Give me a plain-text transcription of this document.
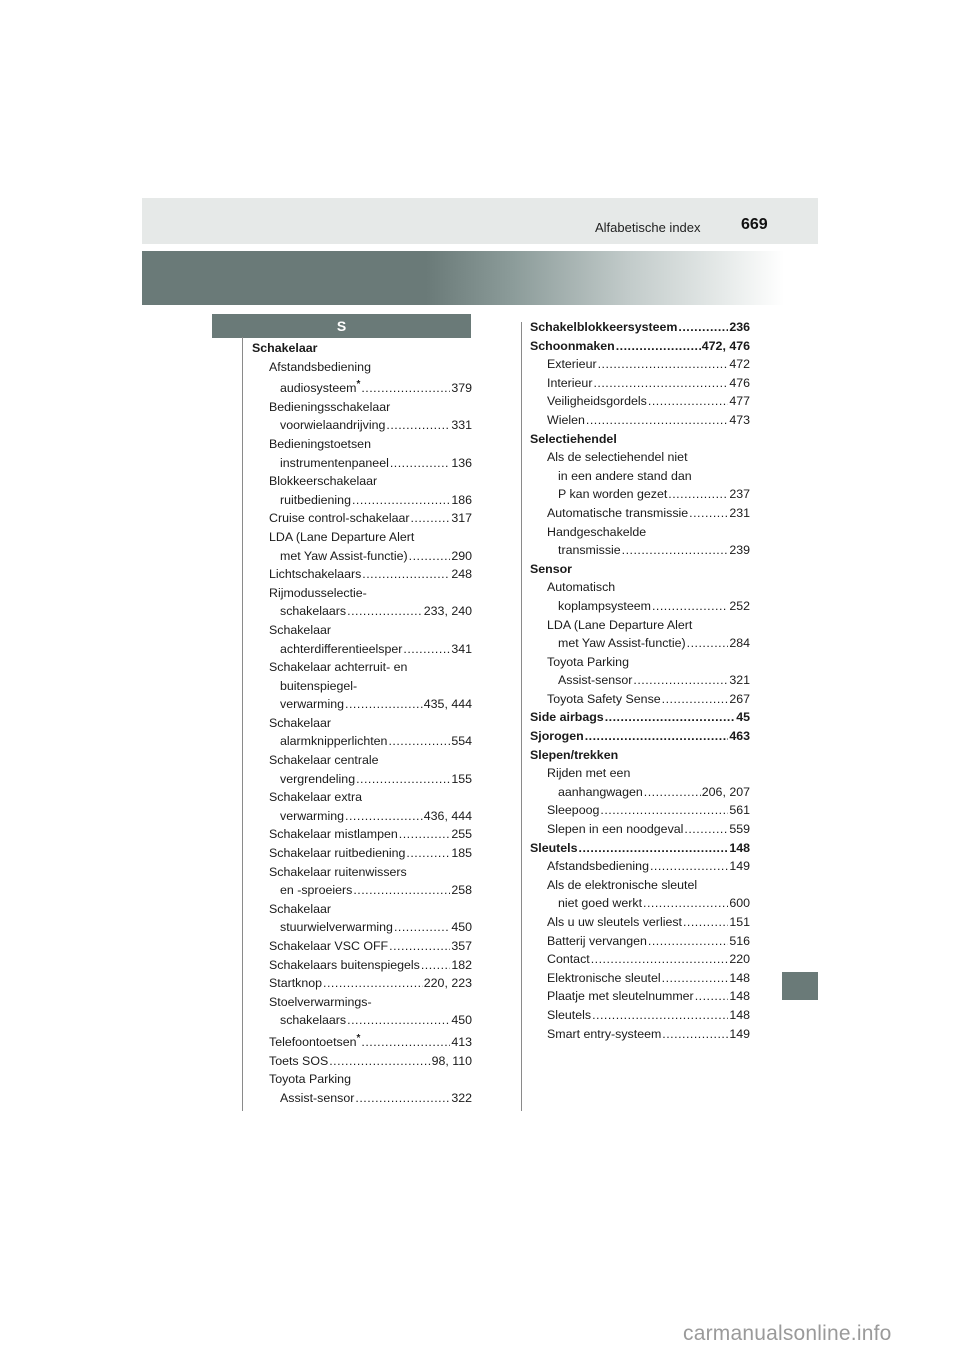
Alfabetische index	669
S
Schakelaar
Afstandsbediening
audiosysteem* .....	379
Bedieningsschakelaar
voorwielaandrijving .....	331
Bedieningstoetsen
instrumentenpaneel .....	136
Blokkeerschakelaar
ruitbediening .....	186
Cruise control-schakelaar .....	317
LDA (Lane Departure Alert
met Yaw Assist-functie) .....	290
Lichtschakelaars .....	248
Rijmodusselectie-
schakelaars .....	233, 240
Schakelaar
achterdifferentieelsper .....	341
Schakelaar achterruit- en
buitenspiegel-
verwarming .....	435, 444
Schakelaar
alarmknipperlichten .....	554
Schakelaar centrale
vergrendeling .....	155
Schakelaar extra
verwarming .....	436, 444
Schakelaar mistlampen .....	255
Schakelaar ruitbediening .....	185
Schakelaar ruitenwissers
en -sproeiers .....	258
Schakelaar
stuurwielverwarming .....	450
Schakelaar VSC OFF .....	357
Schakelaars buitenspiegels .....	182
Startknop .....	220, 223
Stoelverwarmings-
schakelaars .....	450
Telefoontoetsen* .....	413
Toets SOS .....	98, 110
Toyota Parking
Assist-sensor .....	322
Schakelblokkeersysteem .....	236
Schoonmaken .....	472, 476
Exterieur .....	472
Interieur .....	476
Veiligheidsgordels .....	477
Wielen .....	473
Selectiehendel
Als de selectiehendel niet
in een andere stand dan
P kan worden gezet .....	237
Automatische transmissie .....	231
Handgeschakelde
transmissie .....	239
Sensor
Automatisch
koplampsysteem .....	252
LDA (Lane Departure Alert
met Yaw Assist-functie) .....	284
Toyota Parking
Assist-sensor .....	321
Toyota Safety Sense .....	267
Side airbags .....	45
Sjorogen .....	463
Slepen/trekken
Rijden met een
aanhangwagen .....	206, 207
Sleepoog .....	561
Slepen in een noodgeval .....	559
Sleutels .....	148
Afstandsbediening .....	149
Als de elektronische sleutel
niet goed werkt .....	600
Als u uw sleutels verliest .....	151
Batterij vervangen .....	516
Contact .....	220
Elektronische sleutel .....	148
Plaatje met sleutelnummer .....	148
Sleutels .....	148
Smart entry-systeem .....	149
carmanualsonline.info
